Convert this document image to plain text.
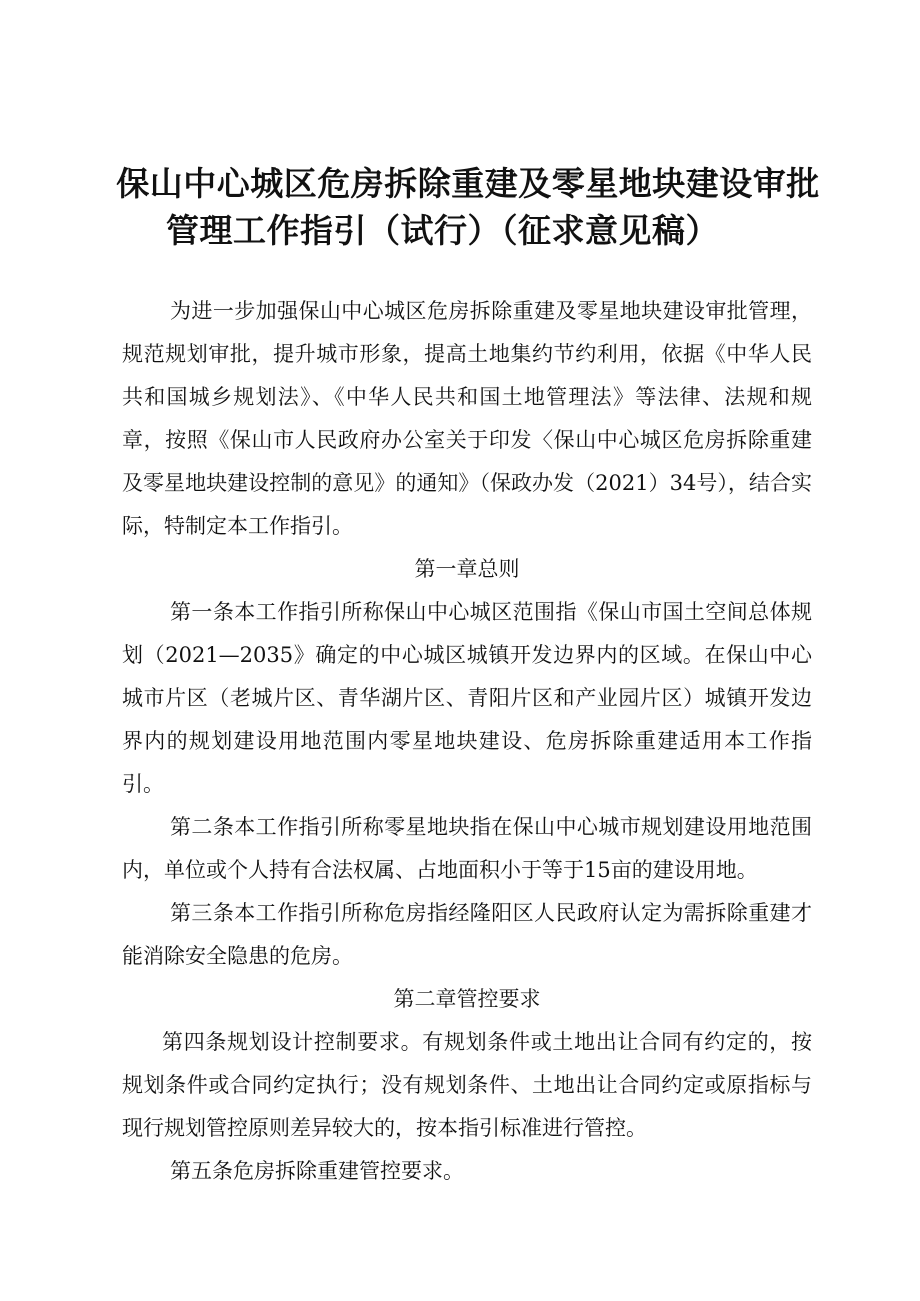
保山中心城区危房拆除重建及零星地块建设审批
管理工作指引（试行）（征求意见稿）

为进一步加强保山中心城区危房拆除重建及零星地块建设审批管理，规范规划审批，提升城市形象，提高土地集约节约利用，依据《中华人民共和国城乡规划法》、《中华人民共和国土地管理法》等法律、法规和规章，按照《保山市人民政府办公室关于印发〈保山中心城区危房拆除重建及零星地块建设控制的意见》的通知》（保政办发（2021）34号），结合实际，特制定本工作指引。

第一章总则

第一条本工作指引所称保山中心城区范围指《保山市国土空间总体规划（2021—2035》确定的中心城区城镇开发边界内的区域。在保山中心城市片区（老城片区、青华湖片区、青阳片区和产业园片区）城镇开发边界内的规划建设用地范围内零星地块建设、危房拆除重建适用本工作指引。

第二条本工作指引所称零星地块指在保山中心城市规划建设用地范围内，单位或个人持有合法权属、占地面积小于等于15亩的建设用地。

第三条本工作指引所称危房指经隆阳区人民政府认定为需拆除重建才能消除安全隐患的危房。

第二章管控要求

第四条规划设计控制要求。有规划条件或土地出让合同有约定的，按规划条件或合同约定执行；没有规划条件、土地出让合同约定或原指标与现行规划管控原则差异较大的，按本指引标准进行管控。

第五条危房拆除重建管控要求。
